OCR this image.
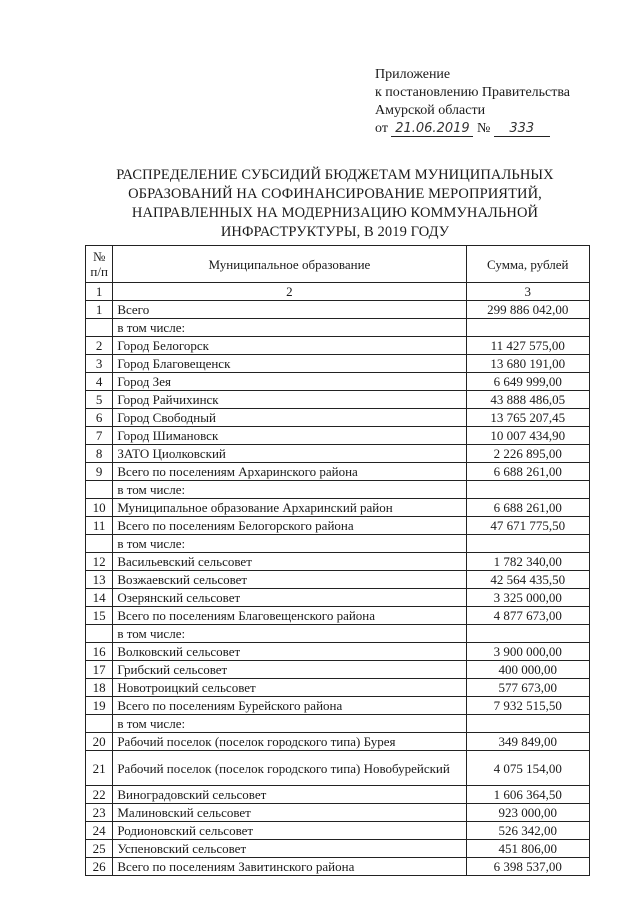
Приложение
к постановлению Правительства
Амурской области
от 21.06.2019 № 333
РАСПРЕДЕЛЕНИЕ СУБСИДИЙ БЮДЖЕТАМ МУНИЦИПАЛЬНЫХ ОБРАЗОВАНИЙ НА СОФИНАНСИРОВАНИЕ МЕРОПРИЯТИЙ, НАПРАВЛЕННЫХ НА МОДЕРНИЗАЦИЮ КОММУНАЛЬНОЙ ИНФРАСТРУКТУРЫ, В 2019 ГОДУ
№ п/п	Муниципальное образование	Сумма, рублей
1	2	3
1	Всего	299 886 042,00
	в том числе:	
2	Город Белогорск	11 427 575,00
3	Город Благовещенск	13 680 191,00
4	Город Зея	6 649 999,00
5	Город Райчихинск	43 888 486,05
6	Город Свободный	13 765 207,45
7	Город Шимановск	10 007 434,90
8	ЗАТО Циолковский	2 226 895,00
9	Всего по поселениям Архаринского района	6 688 261,00
	в том числе:	
10	Муниципальное образование Архаринский район	6 688 261,00
11	Всего по поселениям Белогорского района	47 671 775,50
	в том числе:	
12	Васильевский сельсовет	1 782 340,00
13	Возжаевский сельсовет	42 564 435,50
14	Озерянский сельсовет	3 325 000,00
15	Всего по поселениям Благовещенского района	4 877 673,00
	в том числе:	
16	Волковский сельсовет	3 900 000,00
17	Грибский сельсовет	400 000,00
18	Новотроицкий сельсовет	577 673,00
19	Всего по поселениям Бурейского района	7 932 515,50
	в том числе:	
20	Рабочий поселок (поселок городского типа) Бурея	349 849,00
21	Рабочий поселок (поселок городского типа) Новобурейский	4 075 154,00
22	Виноградовский сельсовет	1 606 364,50
23	Малиновский сельсовет	923 000,00
24	Родионовский сельсовет	526 342,00
25	Успеновский сельсовет	451 806,00
26	Всего по поселениям Завитинского района	6 398 537,00
